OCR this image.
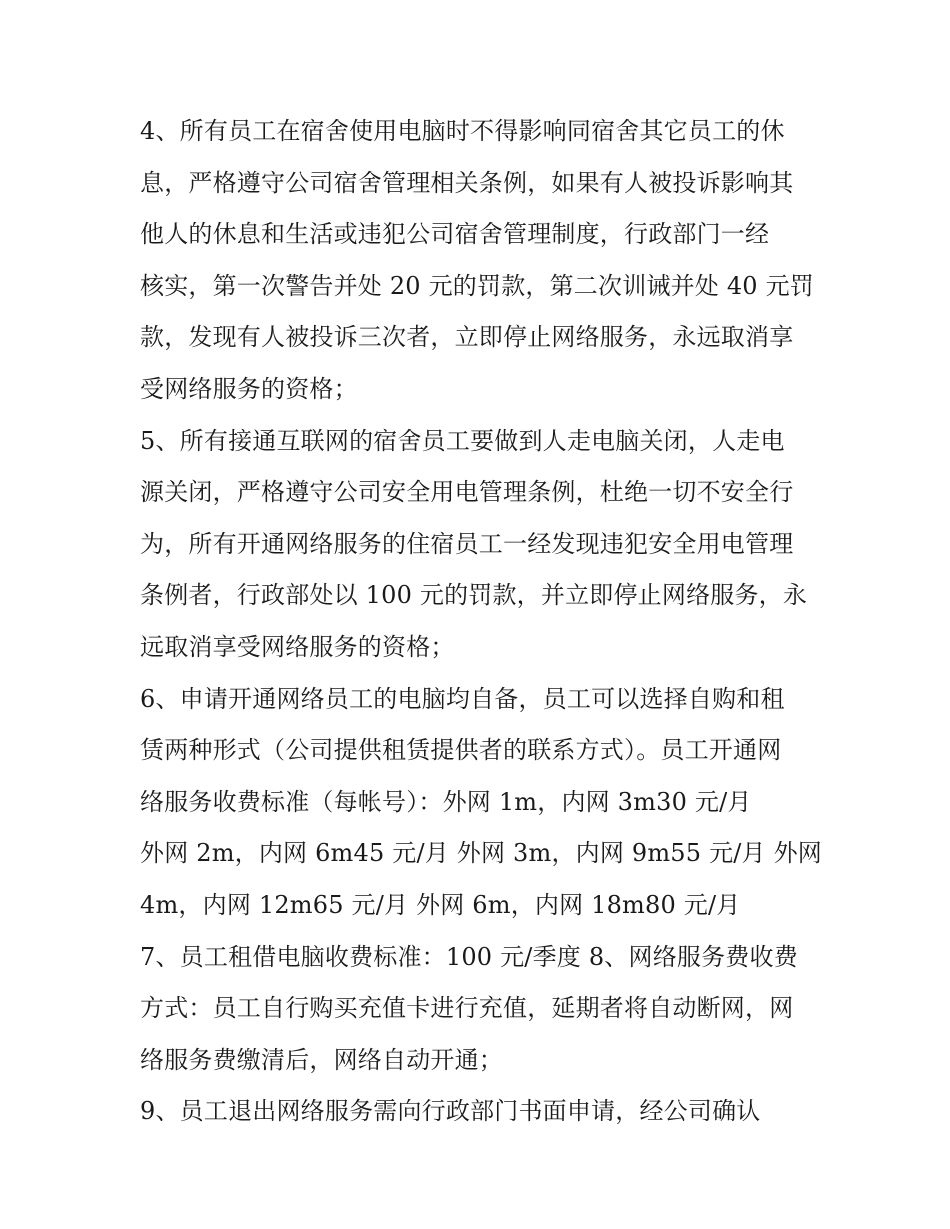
4、所有员工在宿舍使用电脑时不得影响同宿舍其它员工的休
息，严格遵守公司宿舍管理相关条例，如果有人被投诉影响其
他人的休息和生活或违犯公司宿舍管理制度，行政部门一经
核实，第一次警告并处 20 元的罚款，第二次训诫并处 40 元罚
款，发现有人被投诉三次者，立即停止网络服务，永远取消享
受网络服务的资格；
5、所有接通互联网的宿舍员工要做到人走电脑关闭，人走电
源关闭，严格遵守公司安全用电管理条例，杜绝一切不安全行
为，所有开通网络服务的住宿员工一经发现违犯安全用电管理
条例者，行政部处以 100 元的罚款，并立即停止网络服务，永
远取消享受网络服务的资格；
6、申请开通网络员工的电脑均自备，员工可以选择自购和租
赁两种形式（公司提供租赁提供者的联系方式）。员工开通网
络服务收费标准（每帐号）：外网 1m，内网 3m30 元/月
外网 2m，内网 6m45 元/月 外网 3m，内网 9m55 元/月 外网
4m，内网 12m65 元/月 外网 6m，内网 18m80 元/月
7、员工租借电脑收费标准：100 元/季度 8、网络服务费收费
方式：员工自行购买充值卡进行充值，延期者将自动断网，网
络服务费缴清后，网络自动开通；
9、员工退出网络服务需向行政部门书面申请，经公司确认
